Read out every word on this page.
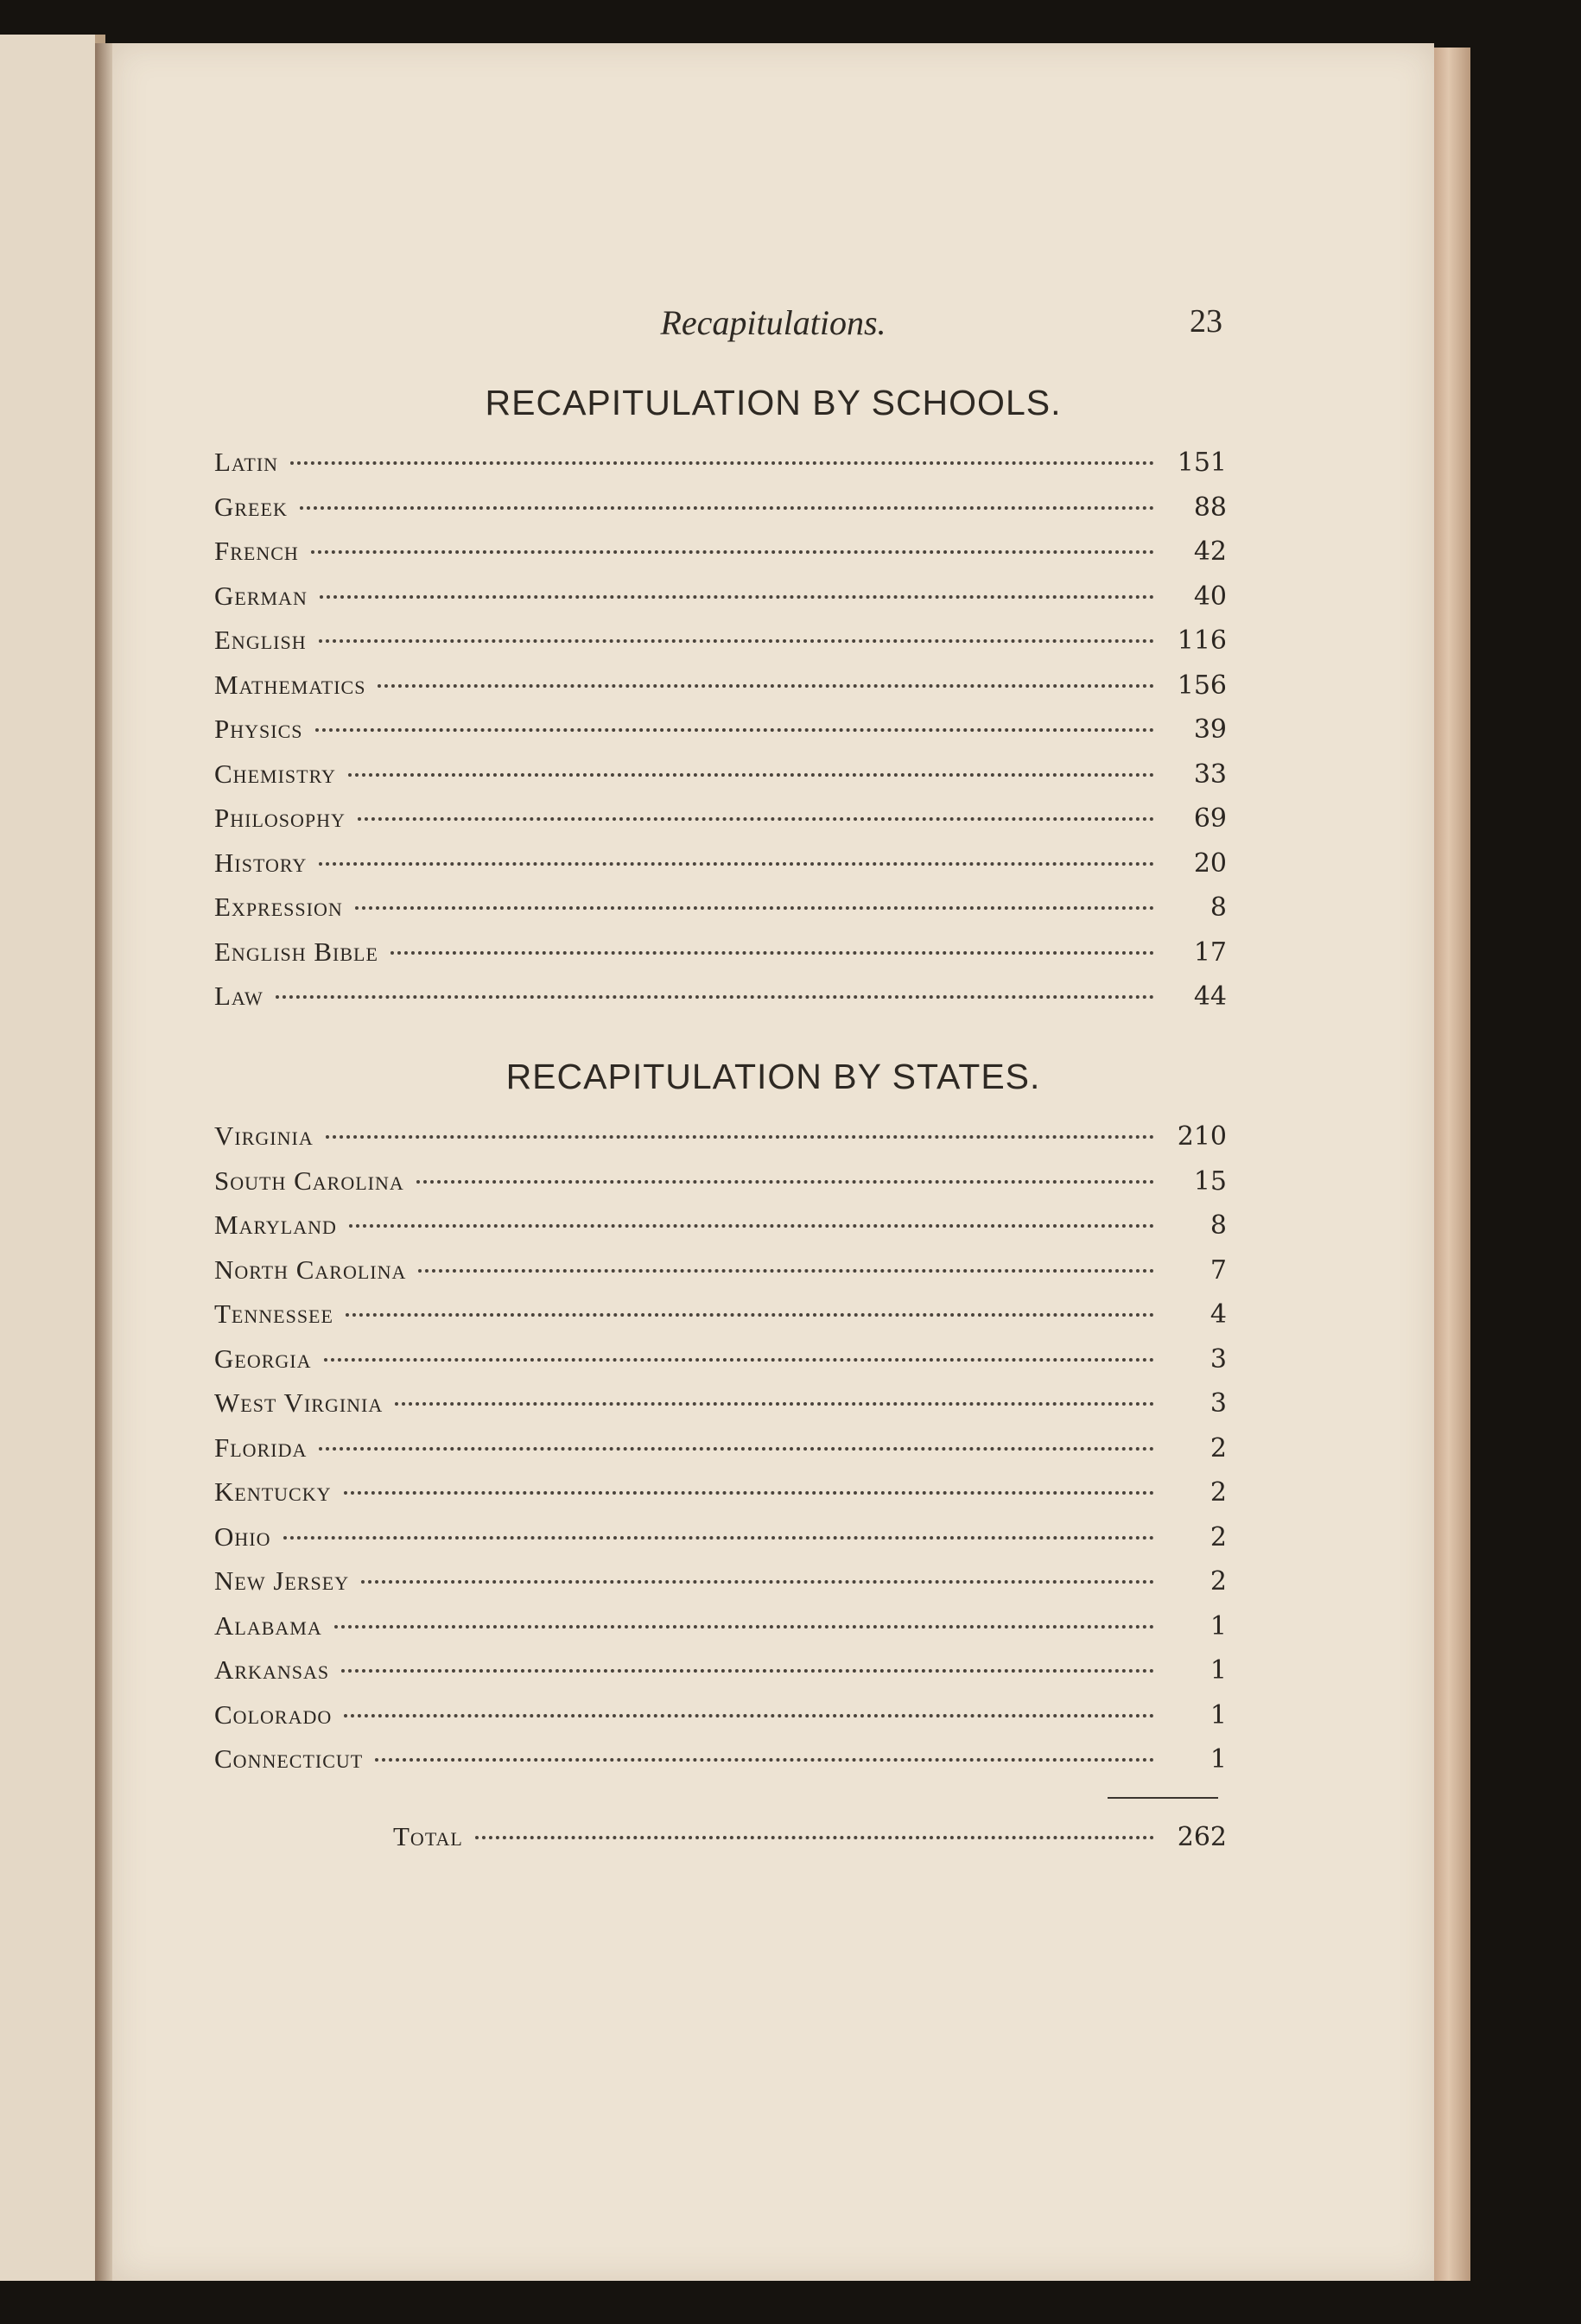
Recapitulations.	23
RECAPITULATION BY SCHOOLS.
Latin	151
Greek	88
French	42
German	40
English	116
Mathematics	156
Physics	39
Chemistry	33
Philosophy	69
History	20
Expression	8
English Bible	17
Law	44
RECAPITULATION BY STATES.
Virginia	210
South Carolina	15
Maryland	8
North Carolina	7
Tennessee	4
Georgia	3
West Virginia	3
Florida	2
Kentucky	2
Ohio	2
New Jersey	2
Alabama	1
Arkansas	1
Colorado	1
Connecticut	1
Total	262
